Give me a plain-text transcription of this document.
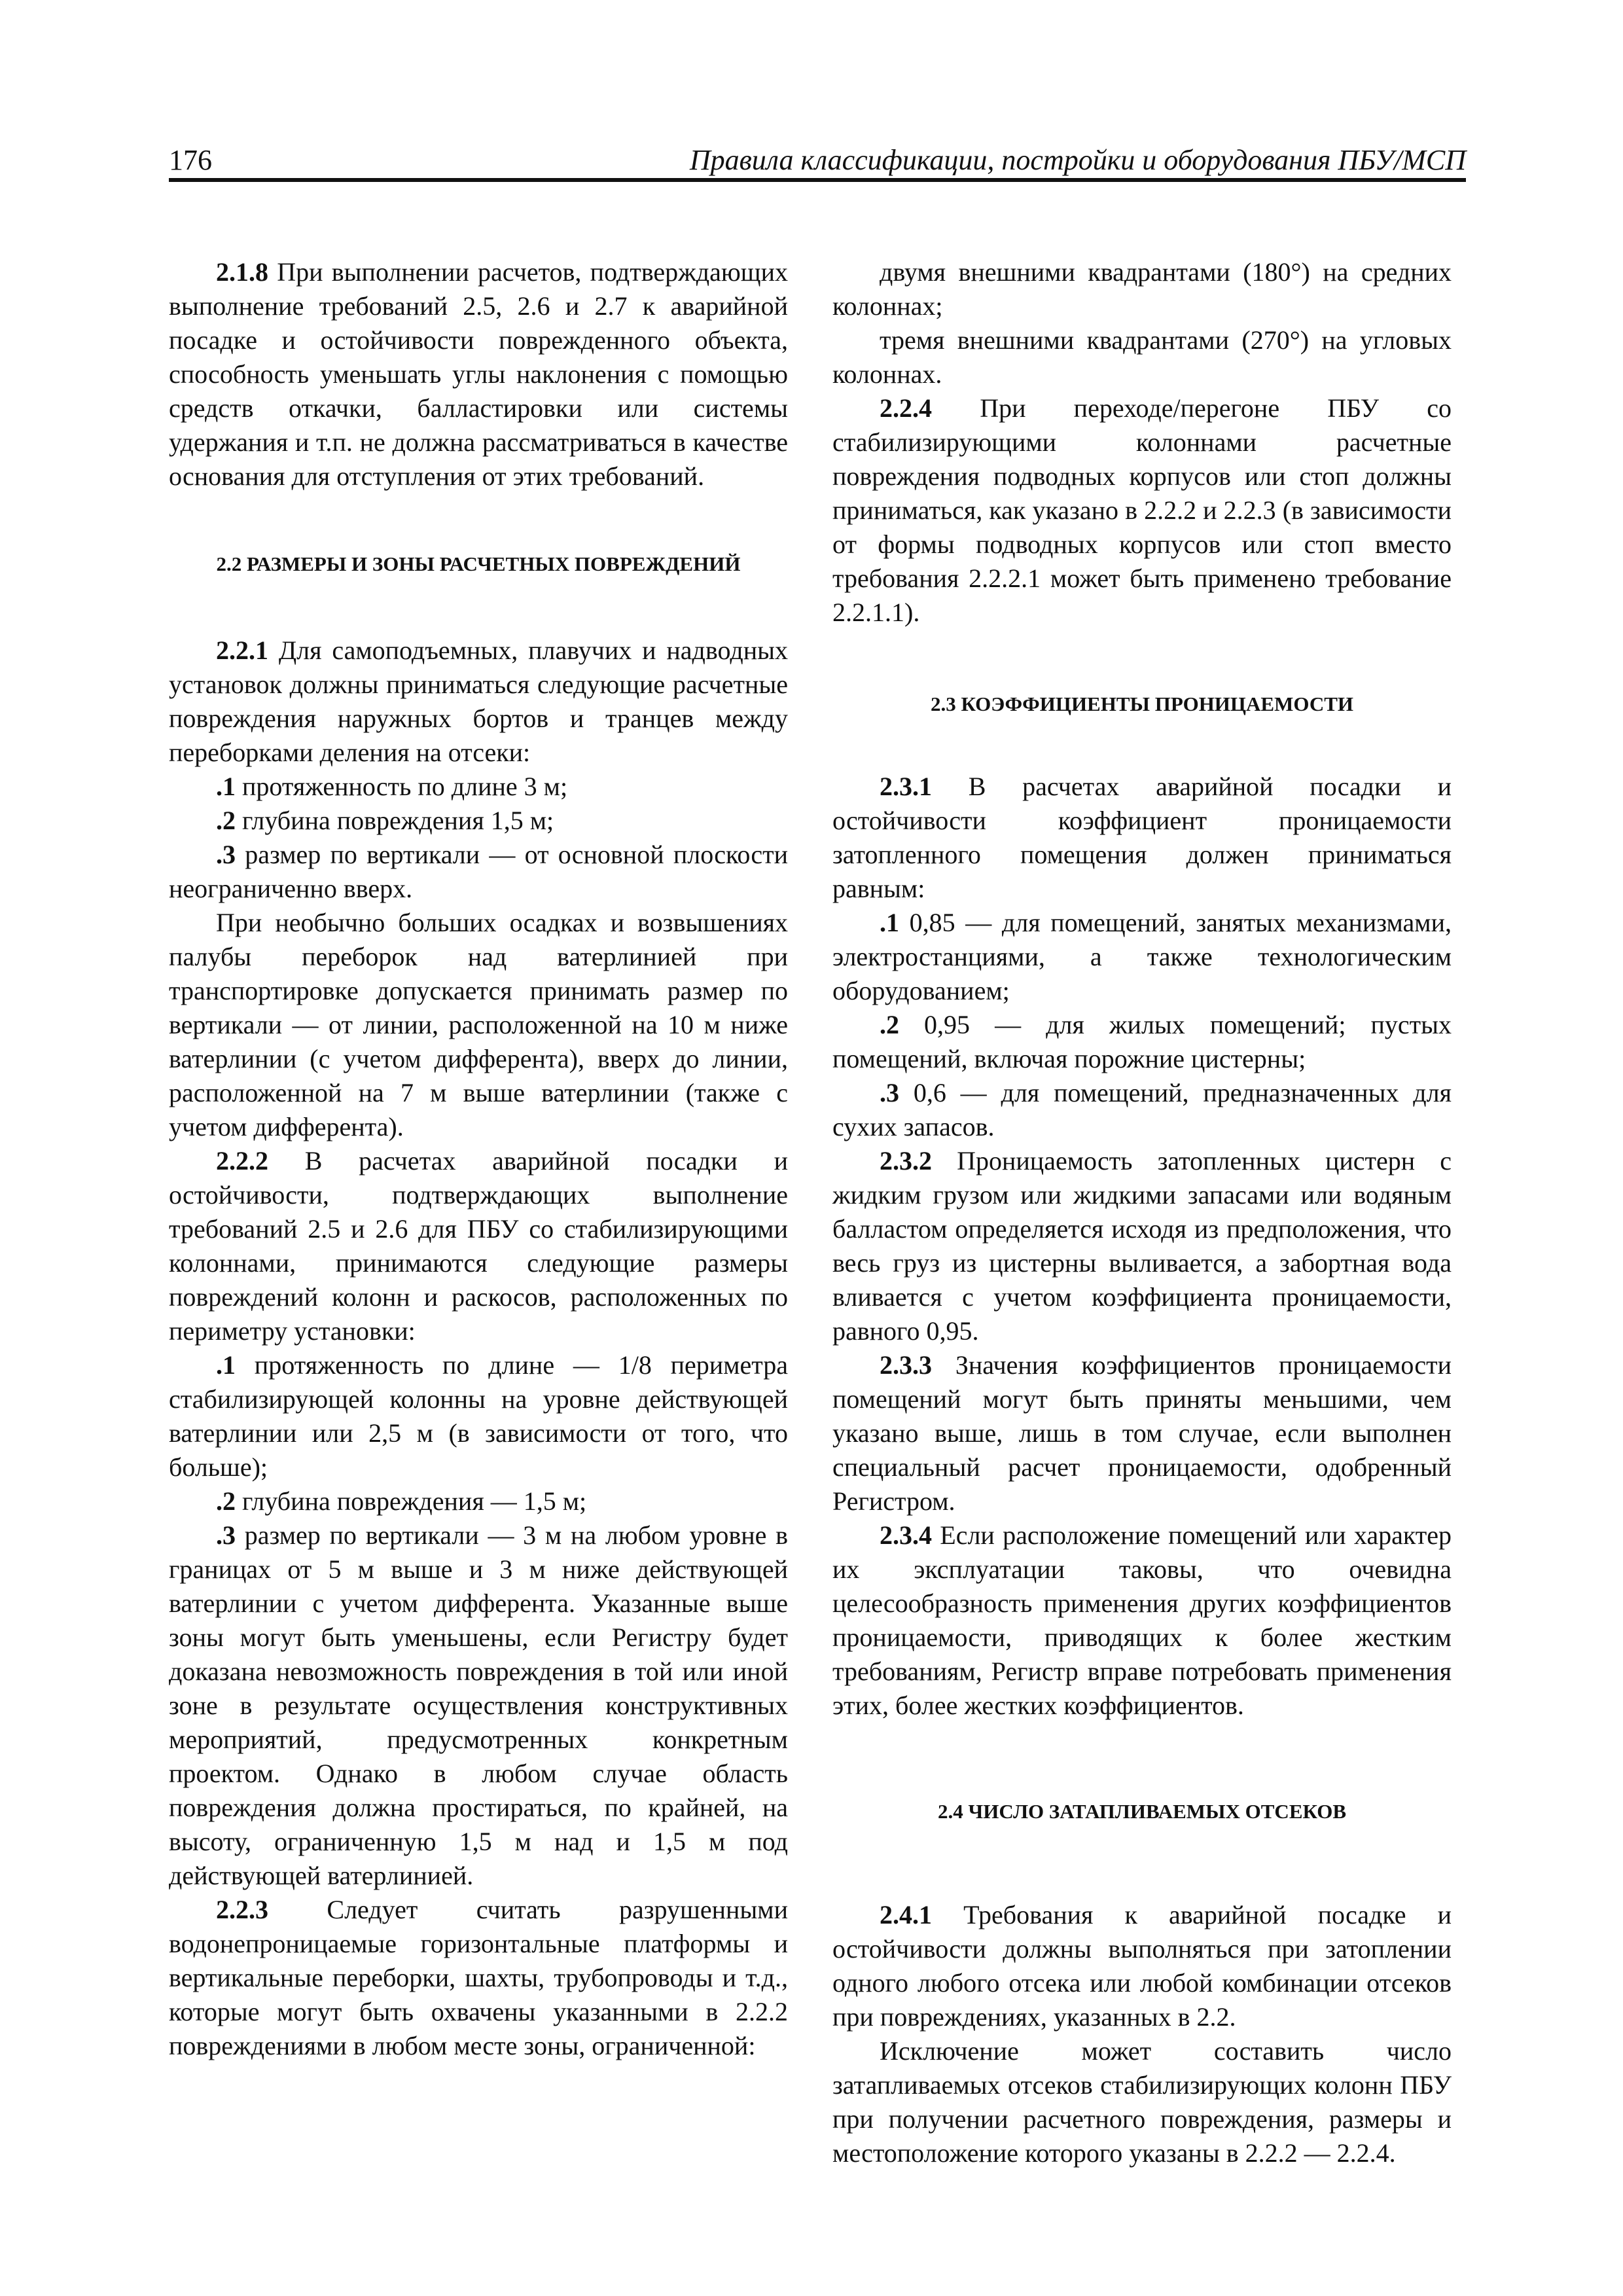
176	Правила классификации, постройки и оборудования ПБУ/МСП

2.1.8 При выполнении расчетов, подтверждающих выполнение требований 2.5, 2.6 и 2.7 к аварийной посадке и остойчивости поврежденного объекта, способность уменьшать углы наклонения с помощью средств откачки, балластировки или системы удержания и т.п. не должна рассматриваться в качестве основания для отступления от этих требований.

2.2 РАЗМЕРЫ И ЗОНЫ РАСЧЕТНЫХ ПОВРЕЖДЕНИЙ

2.2.1 Для самоподъемных, плавучих и надводных установок должны приниматься следующие расчетные повреждения наружных бортов и транцев между переборками деления на отсеки:

.1 протяженность по длине 3 м;

.2 глубина повреждения 1,5 м;

.3 размер по вертикали — от основной плоскости неограниченно вверх.

При необычно больших осадках и возвышениях палубы переборок над ватерлинией при транспортировке допускается принимать размер по вертикали — от линии, расположенной на 10 м ниже ватерлинии (с учетом дифферента), вверх до линии, расположенной на 7 м выше ватерлинии (также с учетом дифферента).

2.2.2 В расчетах аварийной посадки и остойчивости, подтверждающих выполнение требований 2.5 и 2.6 для ПБУ со стабилизирующими колоннами, принимаются следующие размеры повреждений колонн и раскосов, расположенных по периметру установки:

.1 протяженность по длине — 1/8 периметра стабилизирующей колонны на уровне действующей ватерлинии или 2,5 м (в зависимости от того, что больше);

.2 глубина повреждения — 1,5 м;

.3 размер по вертикали — 3 м на любом уровне в границах от 5 м выше и 3 м ниже действующей ватерлинии с учетом дифферента. Указанные выше зоны могут быть уменьшены, если Регистру будет доказана невозможность повреждения в той или иной зоне в результате осуществления конструктивных мероприятий, предусмотренных конкретным проектом. Однако в любом случае область повреждения должна простираться, по крайней, на высоту, ограниченную 1,5 м над и 1,5 м под действующей ватерлинией.

2.2.3 Следует считать разрушенными водонепроницаемые горизонтальные платформы и вертикальные переборки, шахты, трубопроводы и т.д., которые могут быть охвачены указанными в 2.2.2 повреждениями в любом месте зоны, ограниченной:

двумя внешними квадрантами (180°) на средних колоннах;

тремя внешними квадрантами (270°) на угловых колоннах.

2.2.4 При переходе/перегоне ПБУ со стабилизирующими колоннами расчетные повреждения подводных корпусов или стоп должны приниматься, как указано в 2.2.2 и 2.2.3 (в зависимости от формы подводных корпусов или стоп вместо требования 2.2.2.1 может быть применено требование 2.2.1.1).

2.3 КОЭФФИЦИЕНТЫ ПРОНИЦАЕМОСТИ

2.3.1 В расчетах аварийной посадки и остойчивости коэффициент проницаемости затопленного помещения должен приниматься равным:

.1 0,85 — для помещений, занятых механизмами, электростанциями, а также технологическим оборудованием;

.2 0,95 — для жилых помещений; пустых помещений, включая порожние цистерны;

.3 0,6 — для помещений, предназначенных для сухих запасов.

2.3.2 Проницаемость затопленных цистерн с жидким грузом или жидкими запасами или водяным балластом определяется исходя из предположения, что весь груз из цистерны выливается, а забортная вода вливается с учетом коэффициента проницаемости, равного 0,95.

2.3.3 Значения коэффициентов проницаемости помещений могут быть приняты меньшими, чем указано выше, лишь в том случае, если выполнен специальный расчет проницаемости, одобренный Регистром.

2.3.4 Если расположение помещений или характер их эксплуатации таковы, что очевидна целесообразность применения других коэффициентов проницаемости, приводящих к более жестким требованиям, Регистр вправе потребовать применения этих, более жестких коэффициентов.

2.4 ЧИСЛО ЗАТАПЛИВАЕМЫХ ОТСЕКОВ

2.4.1 Требования к аварийной посадке и остойчивости должны выполняться при затоплении одного любого отсека или любой комбинации отсеков при повреждениях, указанных в 2.2.

Исключение может составить число затапливаемых отсеков стабилизирующих колонн ПБУ при получении расчетного повреждения, размеры и местоположение которого указаны в 2.2.2 — 2.2.4.
